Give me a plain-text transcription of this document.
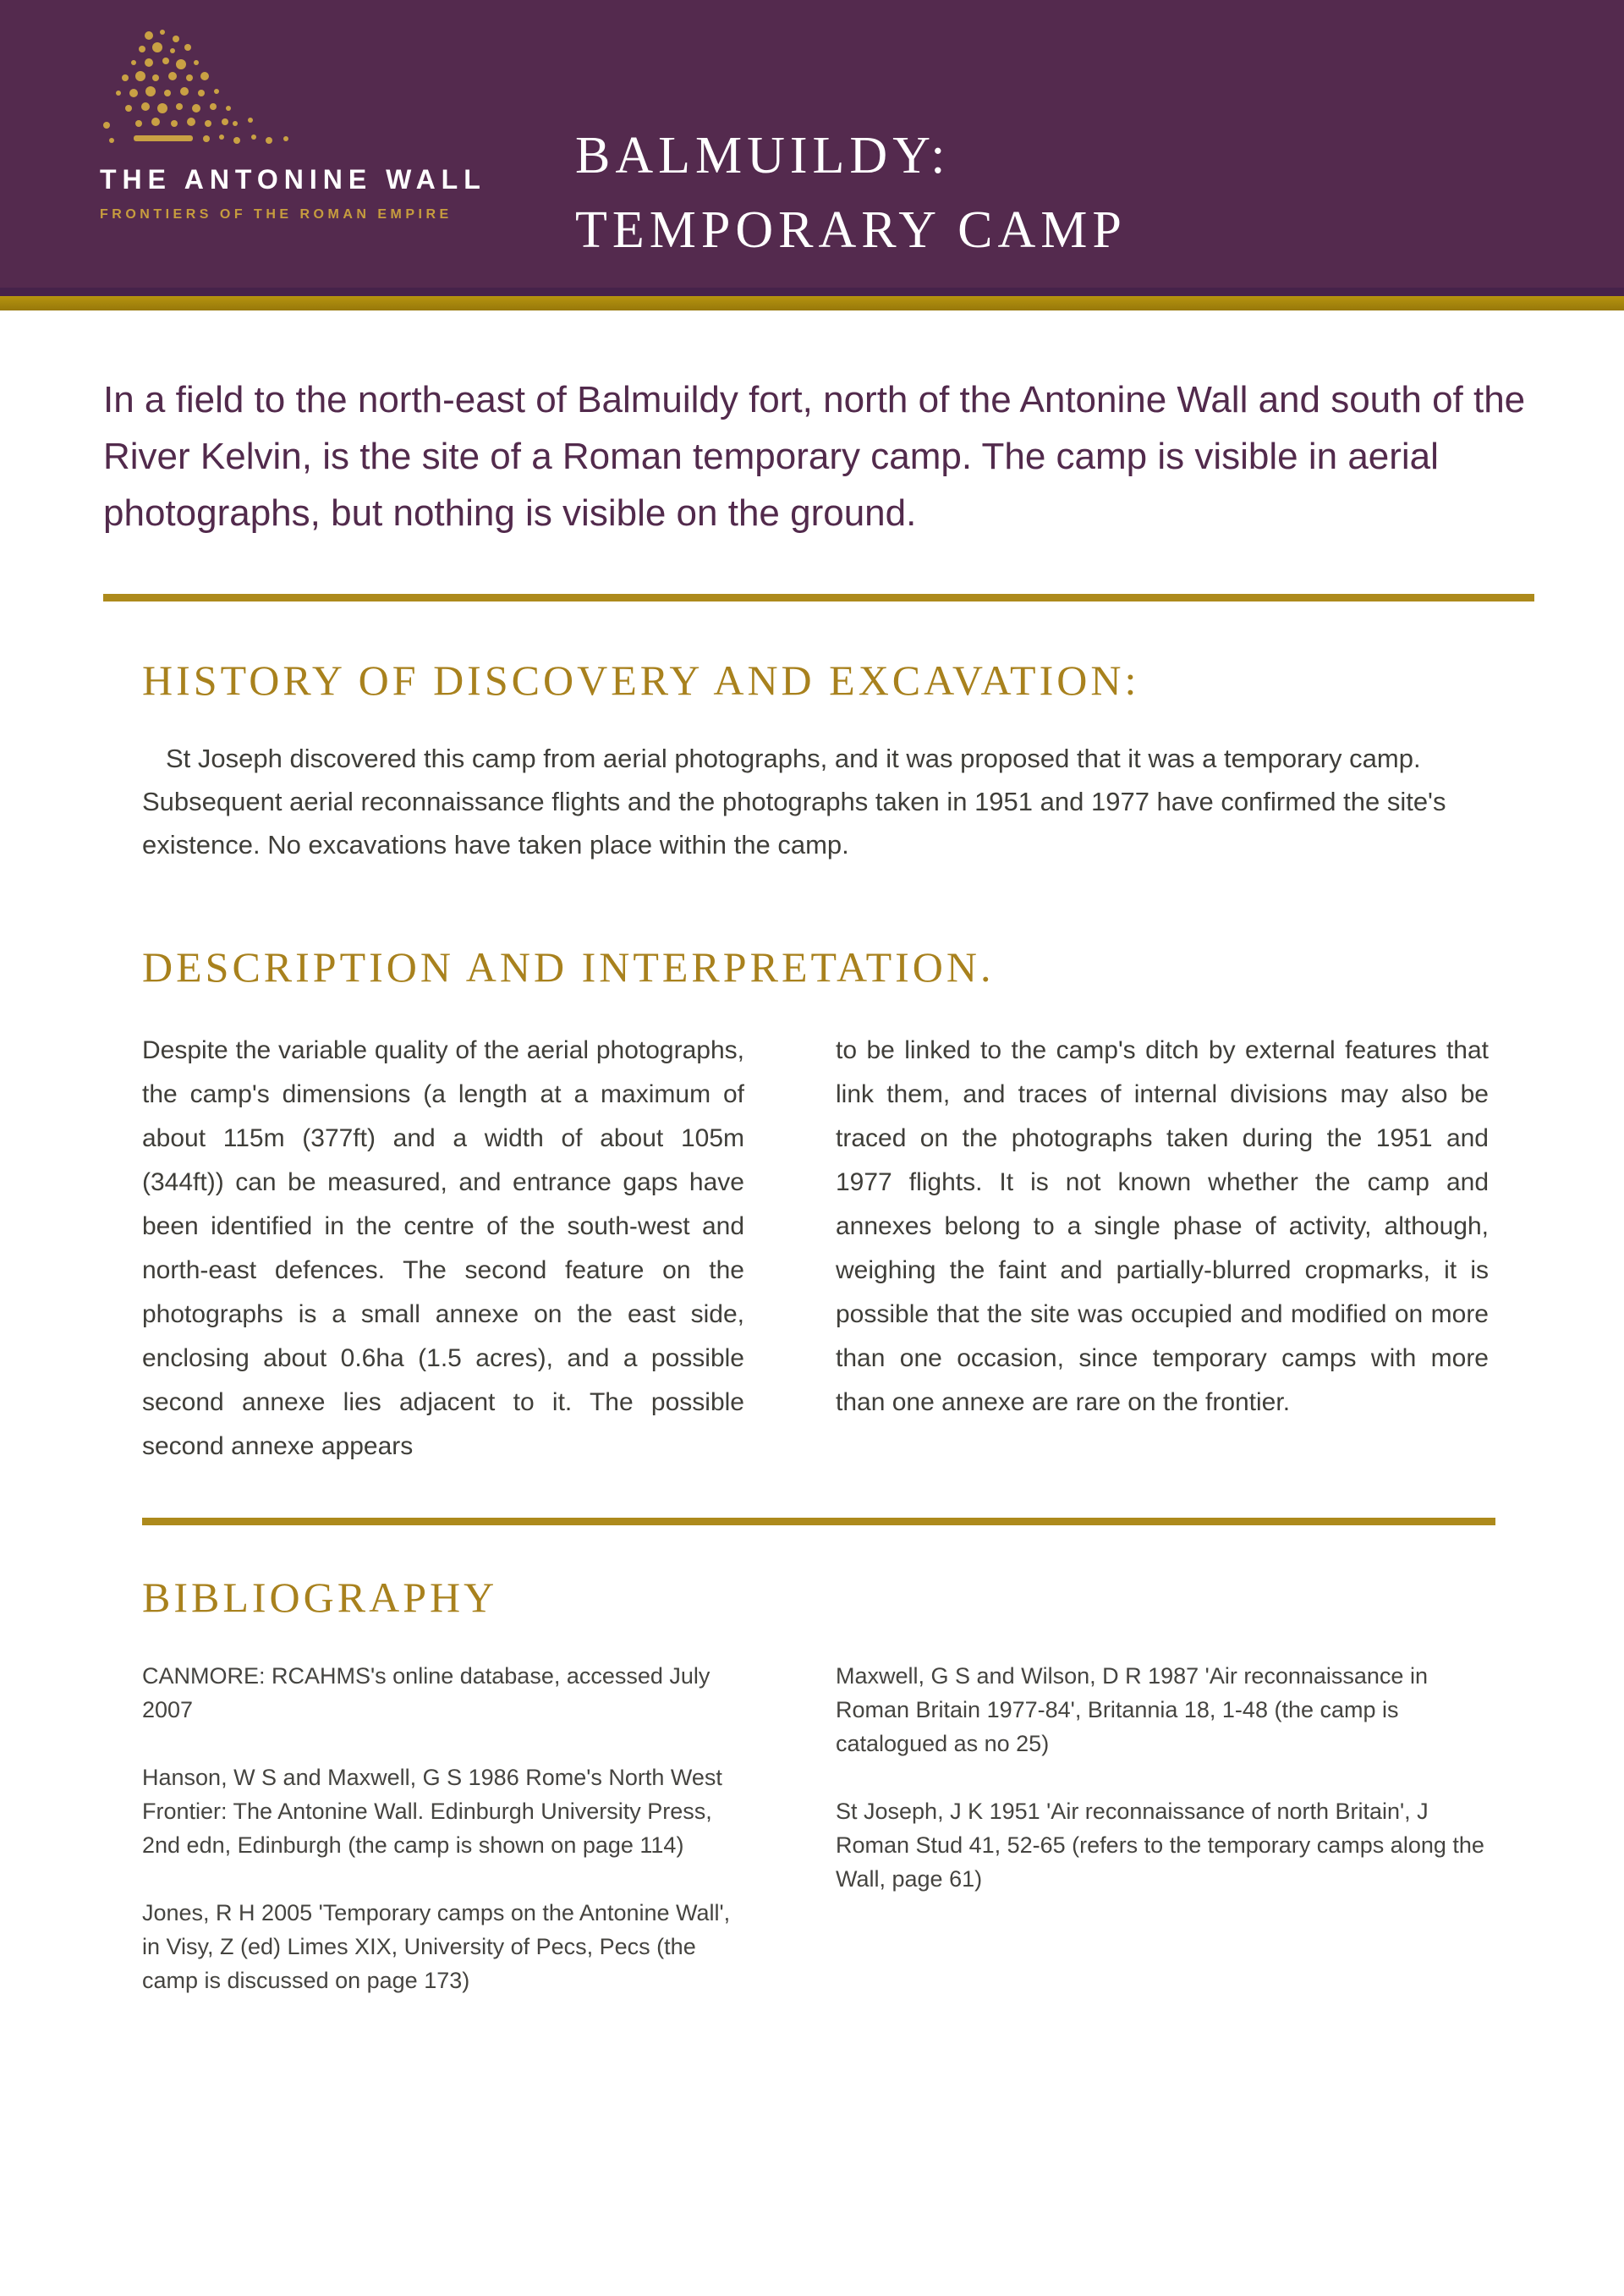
THE ANTONINE WALL
FRONTIERS OF THE ROMAN EMPIRE
BALMUILDY:
TEMPORARY CAMP

In a field to the north-east of Balmuildy fort, north of the Antonine Wall and south of the River Kelvin, is the site of a Roman temporary camp. The camp is visible in aerial photographs, but nothing is visible on the ground.

HISTORY OF DISCOVERY AND EXCAVATION:

St Joseph discovered this camp from aerial photographs, and it was proposed that it was a temporary camp. Subsequent aerial reconnaissance flights and the photographs taken in 1951 and 1977 have confirmed the site's existence. No excavations have taken place within the camp.

DESCRIPTION AND INTERPRETATION.

Despite the variable quality of the aerial photographs, the camp's dimensions (a length at a maximum of about 115m (377ft) and a width of about 105m (344ft)) can be measured, and entrance gaps have been identified in the centre of the south-west and north-east defences. The second feature on the photographs is a small annexe on the east side, enclosing about 0.6ha (1.5 acres), and a possible second annexe lies adjacent to it. The possible second annexe appears

to be linked to the camp's ditch by external features that link them, and traces of internal divisions may also be traced on the photographs taken during the 1951 and 1977 flights. It is not known whether the camp and annexes belong to a single phase of activity, although, weighing the faint and partially-blurred cropmarks, it is possible that the site was occupied and modified on more than one occasion, since temporary camps with more than one annexe are rare on the frontier.

BIBLIOGRAPHY

CANMORE: RCAHMS's online database, accessed July 2007

Hanson, W S and Maxwell, G S 1986 Rome's North West Frontier: The Antonine Wall. Edinburgh University Press, 2nd edn, Edinburgh (the camp is shown on page 114)

Jones, R H 2005 'Temporary camps on the Antonine Wall', in Visy, Z (ed) Limes XIX, University of Pecs, Pecs (the camp is discussed on page 173)

Maxwell, G S and Wilson, D R 1987 'Air reconnaissance in Roman Britain 1977-84', Britannia 18, 1-48 (the camp is catalogued as no 25)

St Joseph, J K 1951 'Air reconnaissance of north Britain', J Roman Stud 41, 52-65 (refers to the temporary camps along the Wall, page 61)
